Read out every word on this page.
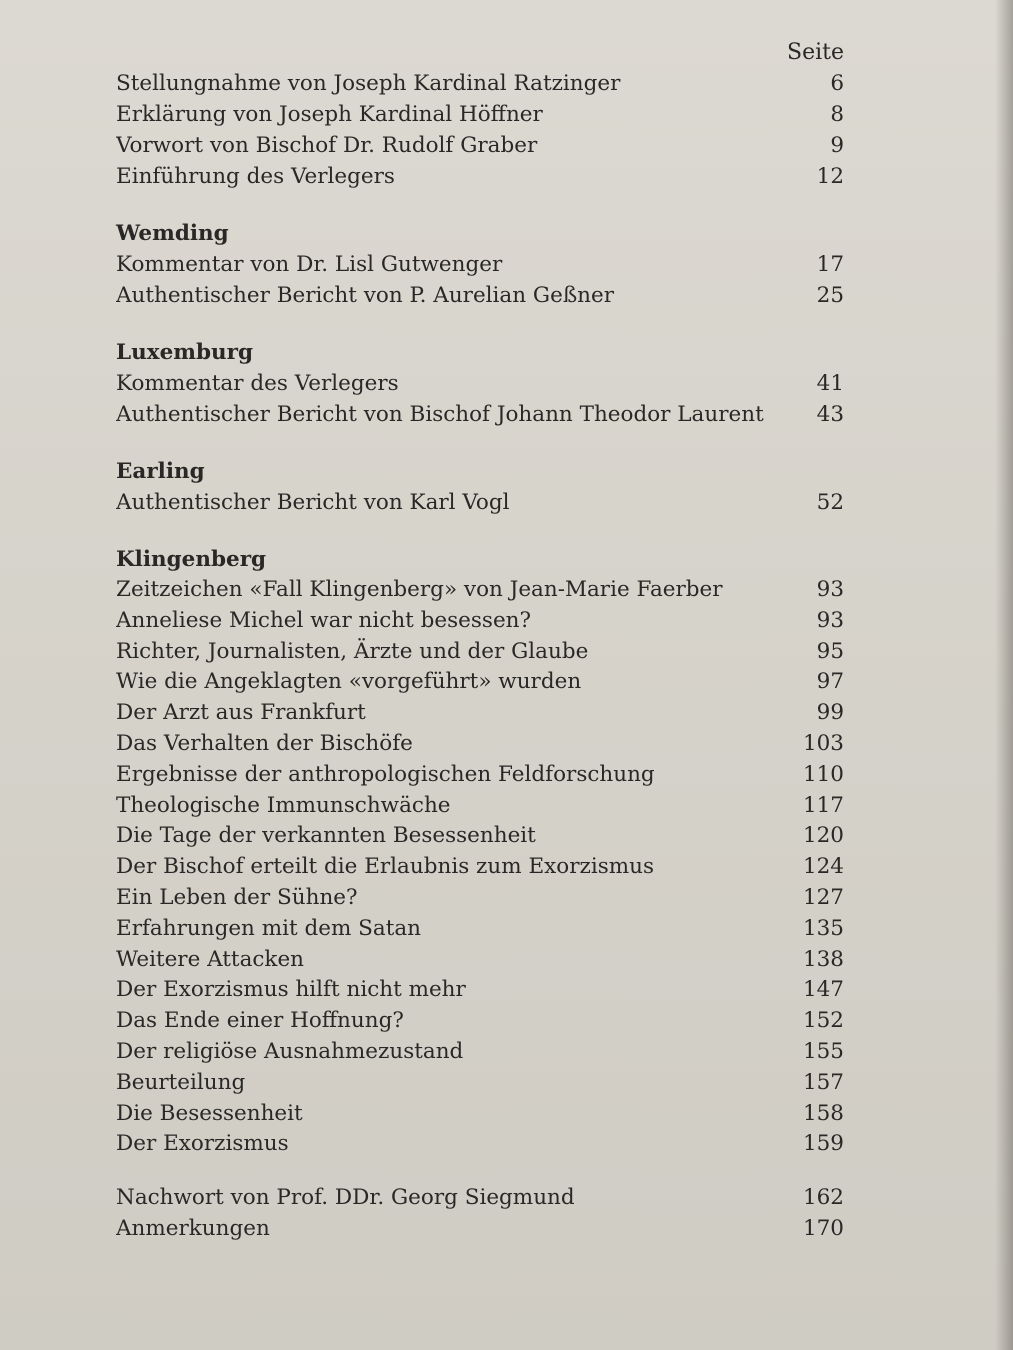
Seite
Stellungnahme von Joseph Kardinal Ratzinger	6
Erklärung von Joseph Kardinal Höffner	8
Vorwort von Bischof Dr. Rudolf Graber	9
Einführung des Verlegers	12
Wemding
Kommentar von Dr. Lisl Gutwenger	17
Authentischer Bericht von P. Aurelian Geßner	25
Luxemburg
Kommentar des Verlegers	41
Authentischer Bericht von Bischof Johann Theodor Laurent	43
Earling
Authentischer Bericht von Karl Vogl	52
Klingenberg
Zeitzeichen «Fall Klingenberg» von Jean-Marie Faerber	93
Anneliese Michel war nicht besessen?	93
Richter, Journalisten, Ärzte und der Glaube	95
Wie die Angeklagten «vorgeführt» wurden	97
Der Arzt aus Frankfurt	99
Das Verhalten der Bischöfe	103
Ergebnisse der anthropologischen Feldforschung	110
Theologische Immunschwäche	117
Die Tage der verkannten Besessenheit	120
Der Bischof erteilt die Erlaubnis zum Exorzismus	124
Ein Leben der Sühne?	127
Erfahrungen mit dem Satan	135
Weitere Attacken	138
Der Exorzismus hilft nicht mehr	147
Das Ende einer Hoffnung?	152
Der religiöse Ausnahmezustand	155
Beurteilung	157
Die Besessenheit	158
Der Exorzismus	159
Nachwort von Prof. DDr. Georg Siegmund	162
Anmerkungen	170
